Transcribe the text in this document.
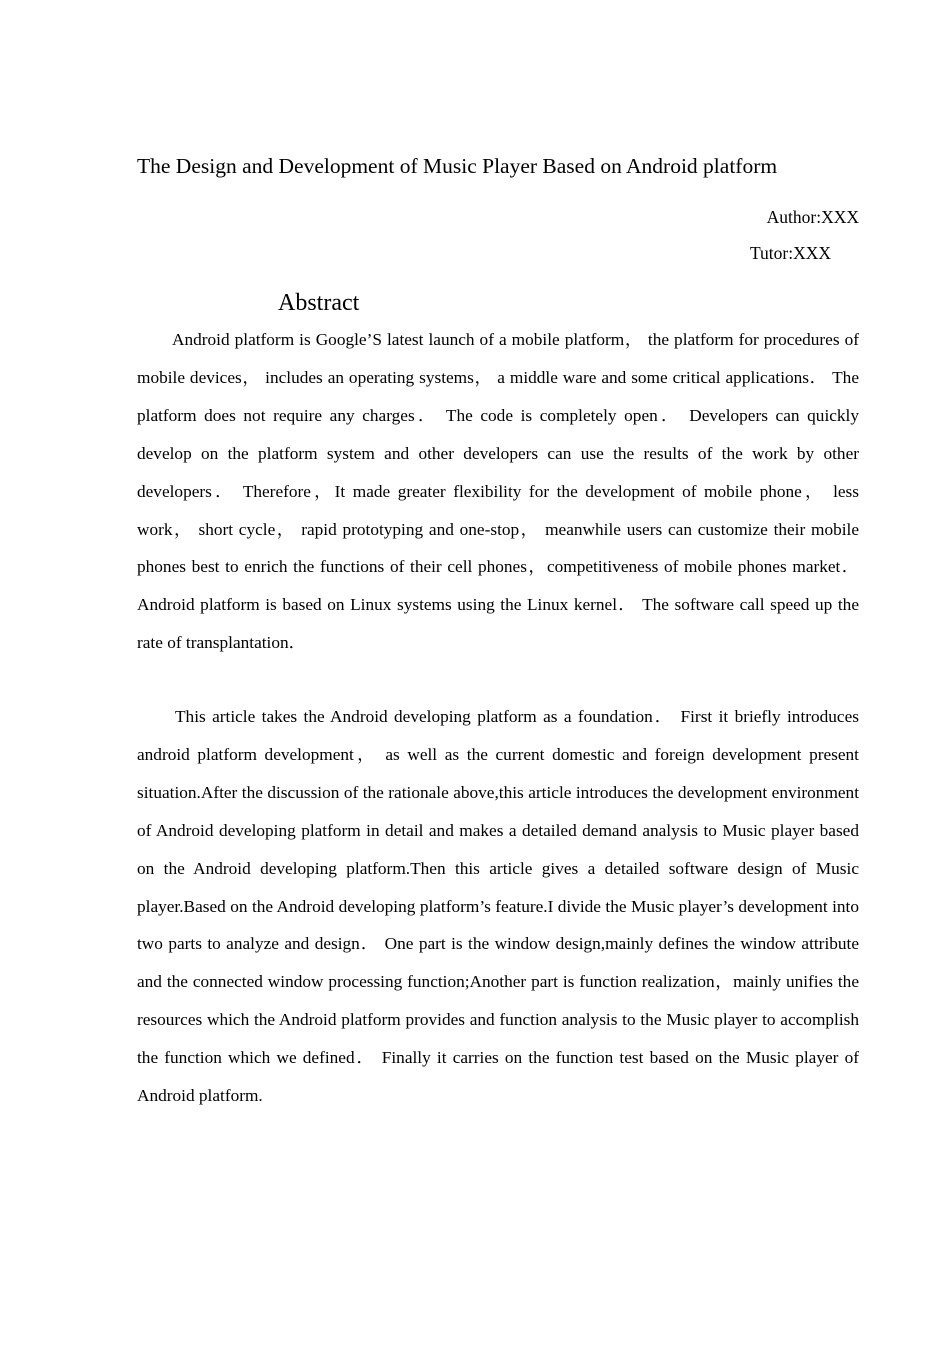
The Design and Development of Music Player Based on Android platform
Author:XXX
Tutor:XXX
Abstract

Android platform is Google’S latest launch of a mobile platform， the platform for procedures of mobile devices， includes an operating systems， a middle ware and some critical applications． The platform does not require any charges． The code is completely open． Developers can quickly develop on the platform system and other developers can use the results of the work by other developers． Therefore，It made greater flexibility for the development of mobile phone， less work， short cycle， rapid prototyping and one-stop， meanwhile users can customize their mobile phones best to enrich the functions of their cell phones，competitiveness of mobile phones market． Android platform is based on Linux systems using the Linux kernel． The software call speed up the rate of transplantation．

This article takes the Android developing platform as a foundation． First it briefly introduces android platform development， as well as the current domestic and foreign development present situation.After the discussion of the rationale above,this article introduces the development environment of Android developing platform in detail and makes a detailed demand analysis to Music player based on the Android developing platform.Then this article gives a detailed software design of Music player.Based on the Android developing platform’s feature.I divide the Music player’s development into two parts to analyze and design． One part is the window design,mainly defines the window attribute and the connected window processing function;Another part is function realization，mainly unifies the resources which the Android platform provides and function analysis to the Music player to accomplish the function which we defined． Finally it carries on the function test based on the Music player of Android platform.
